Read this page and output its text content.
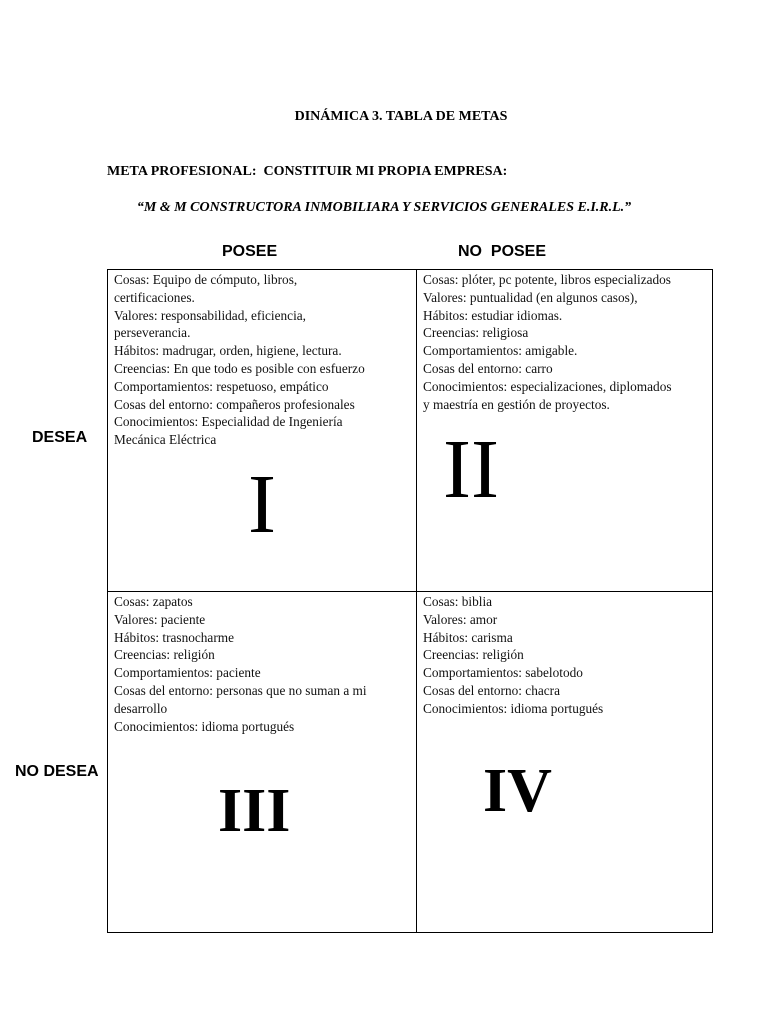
DINÁMICA 3. TABLA DE METAS
META PROFESIONAL:  CONSTITUIR MI PROPIA EMPRESA:
“M & M CONSTRUCTORA INMOBILIARA Y SERVICIOS GENERALES E.I.R.L.”
POSEE	NO  POSEE
DESEA
NO DESEA
Cosas: Equipo de cómputo, libros,
certificaciones.
Valores: responsabilidad, eficiencia,
perseverancia.
Hábitos: madrugar, orden, higiene, lectura.
Creencias: En que todo es posible con esfuerzo
Comportamientos: respetuoso, empático
Cosas del entorno: compañeros profesionales
Conocimientos: Especialidad de Ingeniería
Mecánica Eléctrica
Cosas: plóter, pc potente, libros especializados
Valores: puntualidad (en algunos casos),
Hábitos: estudiar idiomas.
Creencias: religiosa
Comportamientos: amigable.
Cosas del entorno: carro
Conocimientos: especializaciones, diplomados
y maestría en gestión de proyectos.
Cosas: zapatos
Valores: paciente
Hábitos: trasnocharme
Creencias: religión
Comportamientos: paciente
Cosas del entorno: personas que no suman a mi
desarrollo
Conocimientos: idioma portugués
Cosas: biblia
Valores: amor
Hábitos: carisma
Creencias: religión
Comportamientos: sabelotodo
Cosas del entorno: chacra
Conocimientos: idioma portugués
I II
III	IV
